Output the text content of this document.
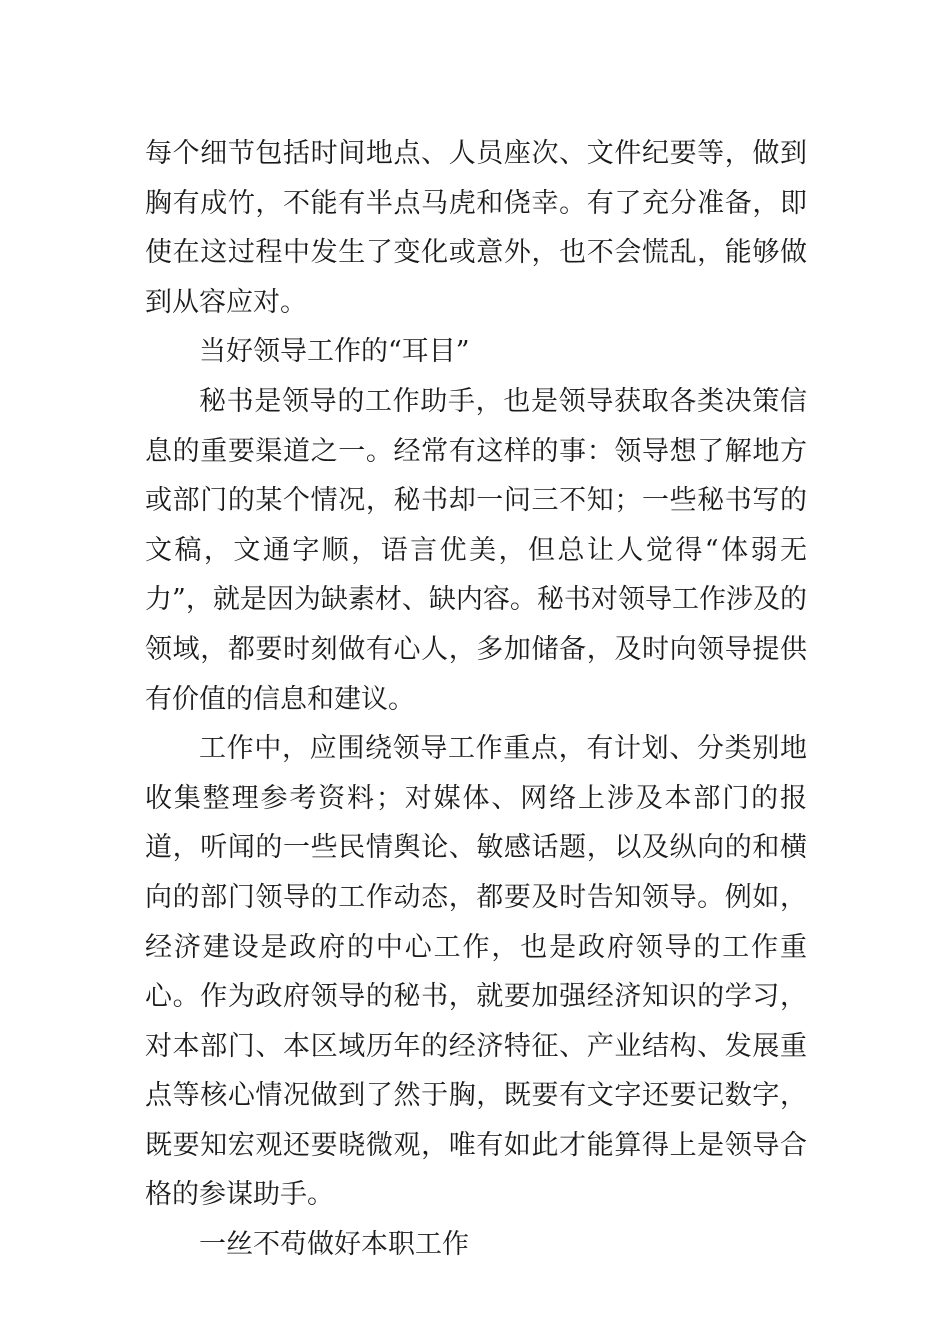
每个细节包括时间地点、人员座次、文件纪要等，做到胸有成竹，不能有半点马虎和侥幸。有了充分准备，即使在这过程中发生了变化或意外，也不会慌乱，能够做到从容应对。

当好领导工作的“耳目”

秘书是领导的工作助手，也是领导获取各类决策信息的重要渠道之一。经常有这样的事：领导想了解地方或部门的某个情况，秘书却一问三不知；一些秘书写的文稿，文通字顺，语言优美，但总让人觉得“体弱无力”，就是因为缺素材、缺内容。秘书对领导工作涉及的领域，都要时刻做有心人，多加储备，及时向领导提供有价值的信息和建议。

工作中，应围绕领导工作重点，有计划、分类别地收集整理参考资料；对媒体、网络上涉及本部门的报道，听闻的一些民情舆论、敏感话题，以及纵向的和横向的部门领导的工作动态，都要及时告知领导。例如，经济建设是政府的中心工作，也是政府领导的工作重心。作为政府领导的秘书，就要加强经济知识的学习，对本部门、本区域历年的经济特征、产业结构、发展重点等核心情况做到了然于胸，既要有文字还要记数字，既要知宏观还要晓微观，唯有如此才能算得上是领导合格的参谋助手。

一丝不苟做好本职工作
